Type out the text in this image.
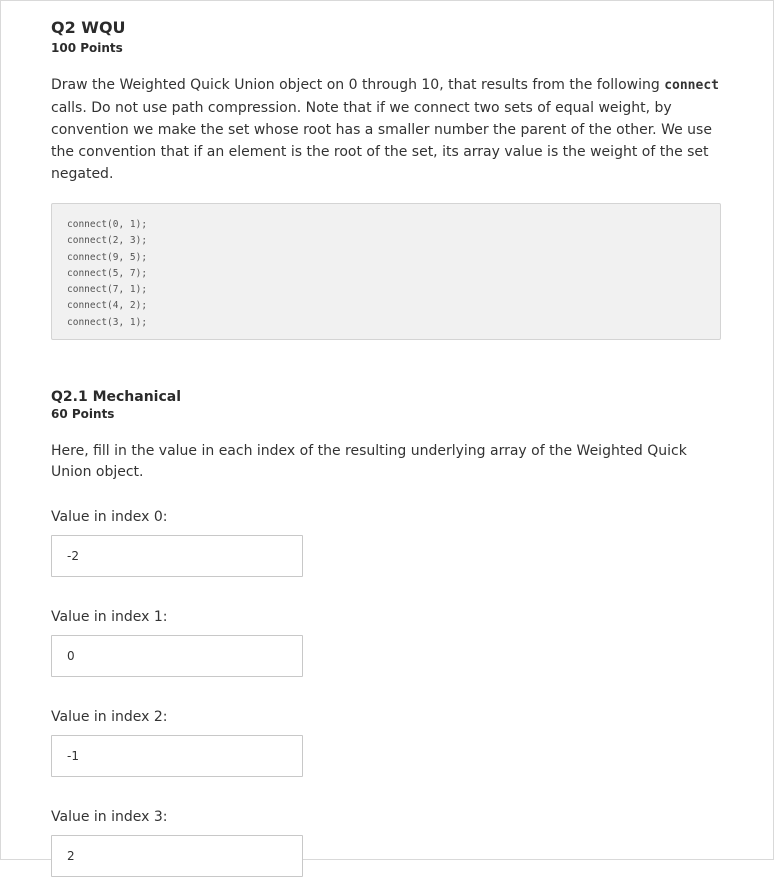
Q2 WQU
100 Points
Draw the Weighted Quick Union object on 0 through 10, that results from the following connect calls. Do not use path compression. Note that if we connect two sets of equal weight, by convention we make the set whose root has a smaller number the parent of the other. We use the convention that if an element is the root of the set, its array value is the weight of the set negated.
connect(0, 1);
connect(2, 3);
connect(9, 5);
connect(5, 7);
connect(7, 1);
connect(4, 2);
connect(3, 1);
Q2.1 Mechanical
60 Points
Here, fill in the value in each index of the resulting underlying array of the Weighted Quick Union object.
Value in index 0:
-2
Value in index 1:
0
Value in index 2:
-1
Value in index 3:
2
